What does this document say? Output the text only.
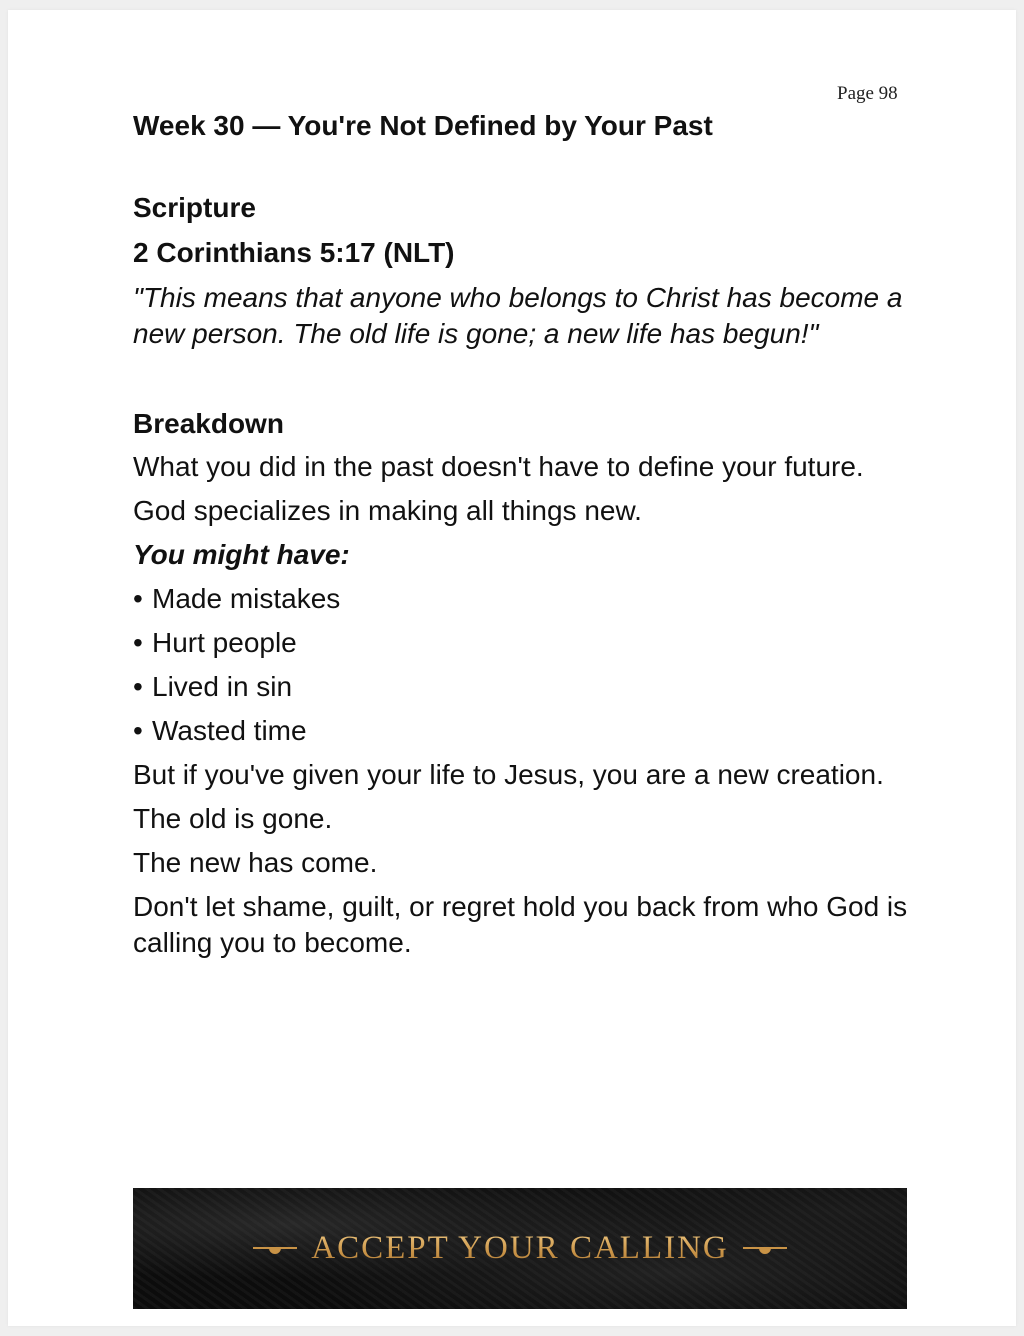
Page 98
Week 30 — You're Not Defined by Your Past
Scripture
2 Corinthians 5:17 (NLT)
"This means that anyone who belongs to Christ has become a new person. The old life is gone; a new life has begun!"
Breakdown
What you did in the past doesn't have to define your future.
God specializes in making all things new.
You might have:
• Made mistakes
• Hurt people
• Lived in sin
• Wasted time
But if you've given your life to Jesus, you are a new creation.
The old is gone.
The new has come.
Don't let shame, guilt, or regret hold you back from who God is calling you to become.
ACCEPT YOUR CALLING
